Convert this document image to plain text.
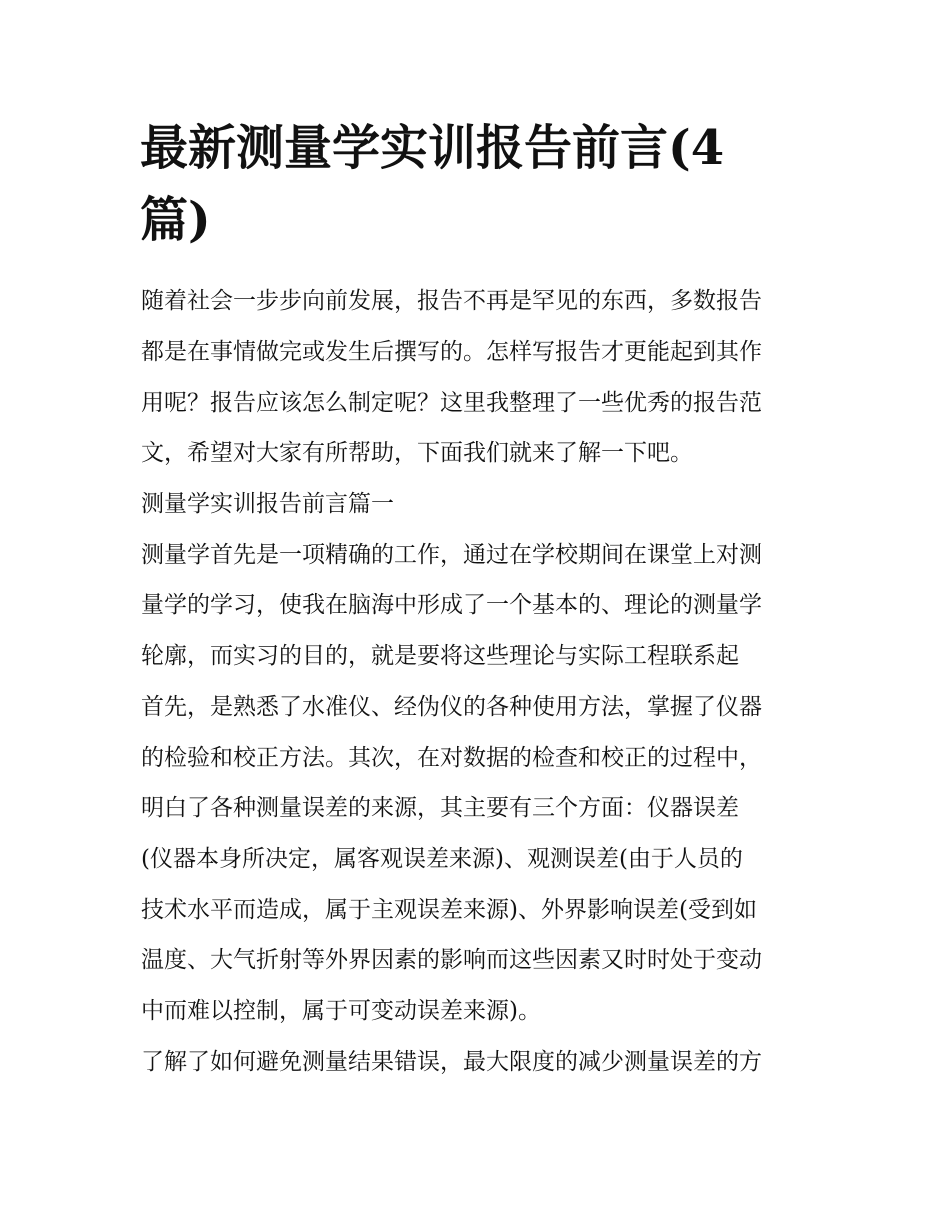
最新测量学实训报告前言(4
篇)

随着社会一步步向前发展，报告不再是罕见的东西，多数报告

都是在事情做完或发生后撰写的。怎样写报告才更能起到其作

用呢？报告应该怎么制定呢？这里我整理了一些优秀的报告范

文，希望对大家有所帮助，下面我们就来了解一下吧。

测量学实训报告前言篇一

测量学首先是一项精确的工作，通过在学校期间在课堂上对测

量学的学习，使我在脑海中形成了一个基本的、理论的测量学

轮廓，而实习的目的，就是要将这些理论与实际工程联系起

首先，是熟悉了水准仪、经伪仪的各种使用方法，掌握了仪器

的检验和校正方法。其次，在对数据的检查和校正的过程中，

明白了各种测量误差的来源，其主要有三个方面：仪器误差

(仪器本身所决定，属客观误差来源)、观测误差(由于人员的

技术水平而造成，属于主观误差来源)、外界影响误差(受到如

温度、大气折射等外界因素的影响而这些因素又时时处于变动

中而难以控制，属于可变动误差来源)。

了解了如何避免测量结果错误，最大限度的减少测量误差的方
